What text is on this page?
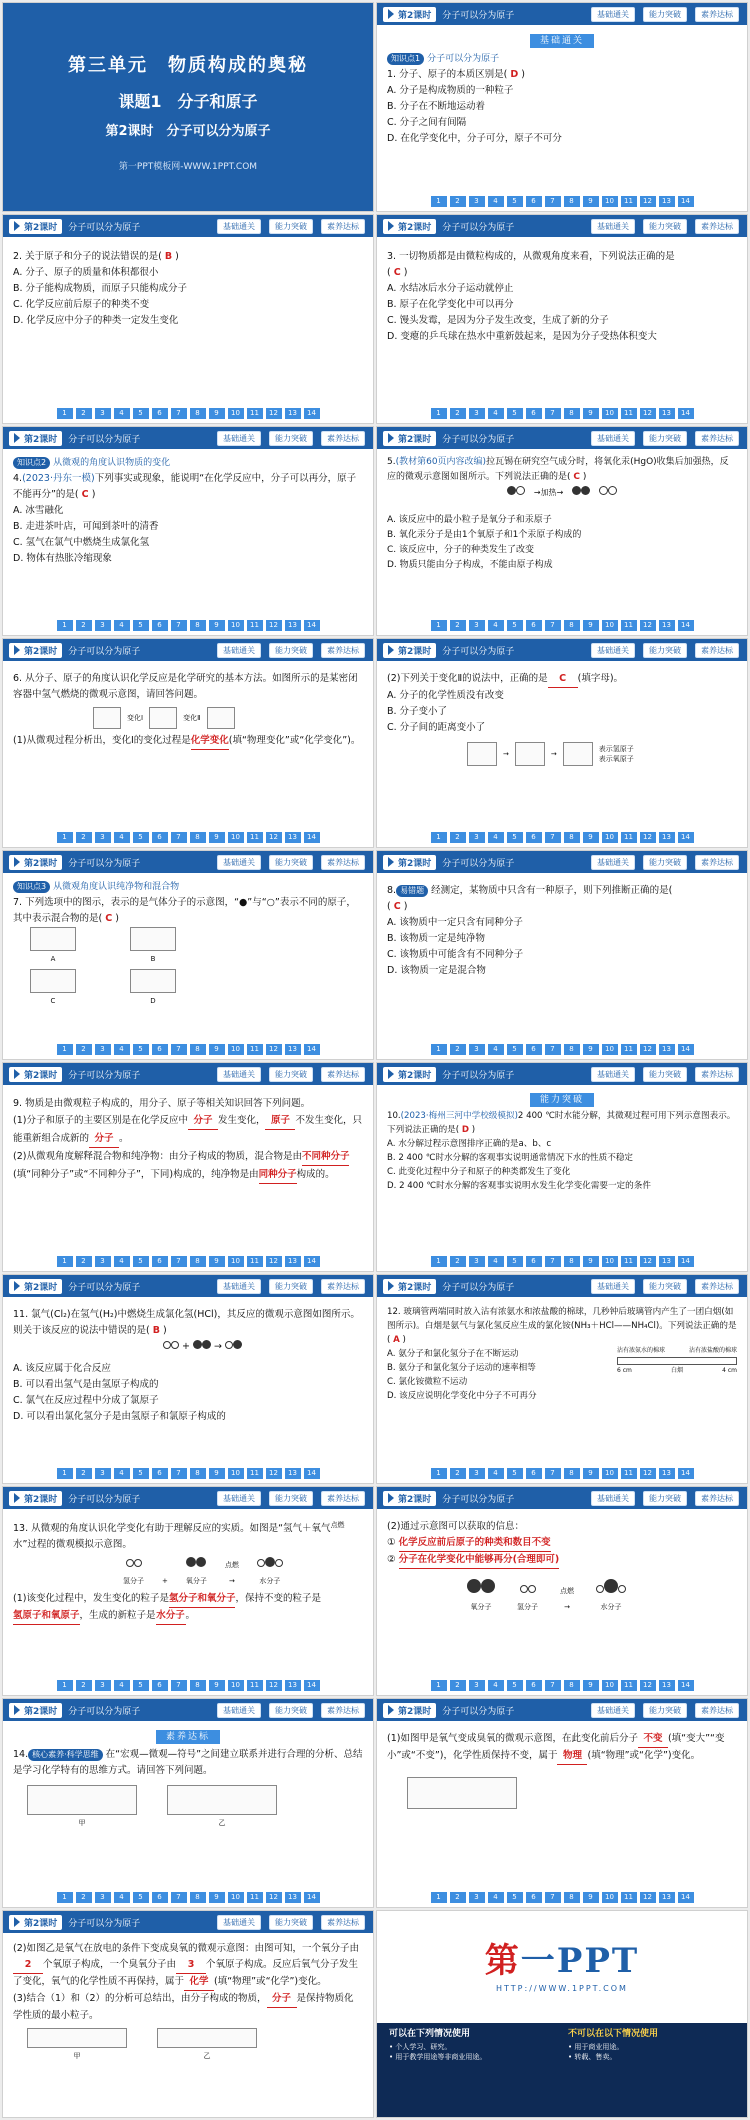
第三单元　物质构成的奥秘
课题1　分子和原子
第2课时　分子可以分为原子
第一PPT模板网-WWW.1PPT.COM
第2课时 分子可以分为原子	基础通关	能力突破	素养达标
基础通关

知识点1 分子可以分为原子

1. 分子、原子的本质区别是( D )

A. 分子是构成物质的一种粒子

B. 分子在不断地运动着

C. 分子之间有间隔

D. 在化学变化中，分子可分，原子不可分

1	2	3	4	5	6	7	8	9	10	11	12	13	14
第2课时 分子可以分为原子	基础通关	能力突破	素养达标

2. 关于原子和分子的说法错误的是( B )

A. 分子、原子的质量和体积都很小

B. 分子能构成物质，而原子只能构成分子

C. 化学反应前后原子的种类不变

D. 化学反应中分子的种类一定发生变化

1	2	3	4	5	6	7	8	9	10	11	12	13	14
第2课时 分子可以分为原子	基础通关	能力突破	素养达标

3. 一切物质都是由微粒构成的，从微观角度来看，下列说法正确的是

( C )

A. 水结冰后水分子运动就停止

B. 原子在化学变化中可以再分

C. 馒头发霉，是因为分子发生改变，生成了新的分子

D. 变瘪的乒乓球在热水中重新鼓起来，是因为分子受热体积变大

1	2	3	4	5	6	7	8	9	10	11	12	13	14
第2课时 分子可以分为原子	基础通关	能力突破	素养达标

知识点2 从微观的角度认识物质的变化

4.(2023·丹东一模)下列事实或现象，能说明“在化学反应中，分子可以再分，原子不能再分”的是( C )

A. 冰雪融化

B. 走进茶叶店，可闻到茶叶的清香

C. 氢气在氯气中燃烧生成氯化氢

D. 物体有热胀冷缩现象

1	2	3	4	5	6	7	8	9	10	11	12	13	14
第2课时 分子可以分为原子	基础通关	能力突破	素养达标

5.(教材第60页内容改编)拉瓦锡在研究空气成分时，将氧化汞(HgO)收集后加强热，反应的微观示意图如图所示。下列说法正确的是( C )

→加热→

A. 该反应中的最小粒子是氧分子和汞原子

B. 氧化汞分子是由1个氧原子和1个汞原子构成的

C. 该反应中，分子的种类发生了改变

D. 物质只能由分子构成，不能由原子构成

1	2	3	4	5	6	7	8	9	10	11	12	13	14
第2课时 分子可以分为原子	基础通关	能力突破	素养达标

6. 从分子、原子的角度认识化学反应是化学研究的基本方法。如图所示的是某密闭容器中氢气燃烧的微观示意图，请回答问题。

变化Ⅰ	变化Ⅱ

(1)从微观过程分析出，变化Ⅰ的变化过程是化学变化(填“物理变化”或“化学变化”)。

1	2	3	4	5	6	7	8	9	10	11	12	13	14
第2课时 分子可以分为原子	基础通关	能力突破	素养达标

(2)下列关于变化Ⅱ的说法中，正确的是 C (填字母)。

A. 分子的化学性质没有改变

B. 分子变小了

C. 分子间的距离变小了

→	→
表示氢原子
表示氧原子
1	2	3	4	5	6	7	8	9	10	11	12	13	14
第2课时 分子可以分为原子	基础通关	能力突破	素养达标

知识点3 从微观角度认识纯净物和混合物

7. 下列选项中的图示，表示的是气体分子的示意图，“●”与“○”表示不同的原子，其中表示混合物的是( C )

A	B

C	D
1	2	3	4	5	6	7	8	9	10	11	12	13	14
第2课时 分子可以分为原子	基础通关	能力突破	素养达标

8. 易错题 经测定，某物质中只含有一种原子，则下列推断正确的是(

( C )

A. 该物质中一定只含有同种分子

B. 该物质一定是纯净物

C. 该物质中可能含有不同种分子

D. 该物质一定是混合物

1	2	3	4	5	6	7	8	9	10	11	12	13	14
第2课时 分子可以分为原子	基础通关	能力突破	素养达标

9. 物质是由微观粒子构成的，用分子、原子等相关知识回答下列问题。

(1)分子和原子的主要区别是在化学反应中 分子 发生变化， 原子 不发生变化，只能重新组合成新的 分子 。

(2)从微观角度解释混合物和纯净物：由分子构成的物质，混合物是由不同种分子(填“同种分子”或“不同种分子”，下同)构成的，纯净物是由同种分子构成的。

1	2	3	4	5	6	7	8	9	10	11	12	13	14
第2课时 分子可以分为原子	基础通关	能力突破	素养达标
能力突破

10.(2023·梅州三河中学校级模拟)2 400 ℃时水能分解，其微观过程可用下列示意图表示。下列说法正确的是( D )

A. 水分解过程示意图排序正确的是a、b、c

B. 2 400 ℃时水分解的客观事实说明通常情况下水的性质不稳定

C. 此变化过程中分子和原子的种类都发生了变化

D. 2 400 ℃时水分解的客观事实说明水发生化学变化需要一定的条件

1	2	3	4	5	6	7	8	9	10	11	12	13	14
第2课时 分子可以分为原子	基础通关	能力突破	素养达标

11. 氯气(Cl₂)在氢气(H₂)中燃烧生成氯化氢(HCl)，其反应的微观示意图如图所示。则关于该反应的说法中错误的是( B )

+  →

A. 该反应属于化合反应

B. 可以看出氢气是由氢原子构成的

C. 氯气在反应过程中分成了氯原子

D. 可以看出氯化氢分子是由氢原子和氯原子构成的

1	2	3	4	5	6	7	8	9	10	11	12	13	14
第2课时 分子可以分为原子	基础通关	能力突破	素养达标

12. 玻璃管两端同时放入沾有浓氨水和浓盐酸的棉球，几秒钟后玻璃管内产生了一团白烟(如图所示)。白烟是氨气与氯化氢反应生成的氯化铵(NH₃＋HCl——NH₄Cl)。下列说法正确的是( A )

A. 氨分子和氯化氢分子在不断运动

B. 氨分子和氯化氢分子运动的速率相等

C. 氯化铵微粒不运动

D. 该反应说明化学变化中分子不可再分

沾有浓氨水的棉球	沾有浓盐酸的棉球
6 cm	白烟	4 cm
1	2	3	4	5	6	7	8	9	10	11	12	13	14
第2课时 分子可以分为原子	基础通关	能力突破	素养达标

13. 从微观的角度认识化学变化有助于理解反应的实质。如图是“氢气＋氧气$^{点燃}$水”过程的微观模拟示意图。

氢分子	+	氧分子
点燃
→	水分子

(1)该变化过程中，发生变化的粒子是氢分子和氧分子，保持不变的粒子是氢原子和氧原子，生成的新粒子是水分子。

1	2	3	4	5	6	7	8	9	10	11	12	13	14
第2课时 分子可以分为原子	基础通关	能力突破	素养达标

(2)通过示意图可以获取的信息：

① 化学反应前后原子的种类和数目不变

② 分子在化学变化中能够再分(合理即可)

氧分子	氢分子
点燃
→	水分子
1	2	3	4	5	6	7	8	9	10	11	12	13	14
第2课时 分子可以分为原子	基础通关	能力突破	素养达标
素养达标

14. 核心素养·科学思维 在“宏观—微观—符号”之间建立联系并进行合理的分析、总结是学习化学特有的思维方式。请回答下列问题。

甲	乙
1	2	3	4	5	6	7	8	9	10	11	12	13	14
第2课时 分子可以分为原子	基础通关	能力突破	素养达标

(1)如图甲是氧气变成臭氧的微观示意图，在此变化前后分子 不变 (填“变大”“变小”或“不变”)，化学性质保持不变，属于 物理 (填“物理”或“化学”)变化。

1	2	3	4	5	6	7	8	9	10	11	12	13	14
第2课时 分子可以分为原子	基础通关	能力突破	素养达标

(2)如图乙是氧气在放电的条件下变成臭氧的微观示意图：由图可知，一个氧分子由2 个氧原子构成，一个臭氧分子由 3 个氧原子构成。反应后氧气分子发生了变化，氧气的化学性质不再保持，属于 化学 (填“物理”或“化学”)变化。

(3)结合（1）和（2）的分析可总结出，由分子构成的物质， 分子 是保持物质化学性质的最小粒子。

甲	乙
第一PPT
HTTP://WWW.1PPT.COM
可以在下列情况使用
• 个人学习、研究。
• 用于教学用途等非商业用途。
不可以在以下情况使用
• 用于商业用途。
• 转载、售卖。
